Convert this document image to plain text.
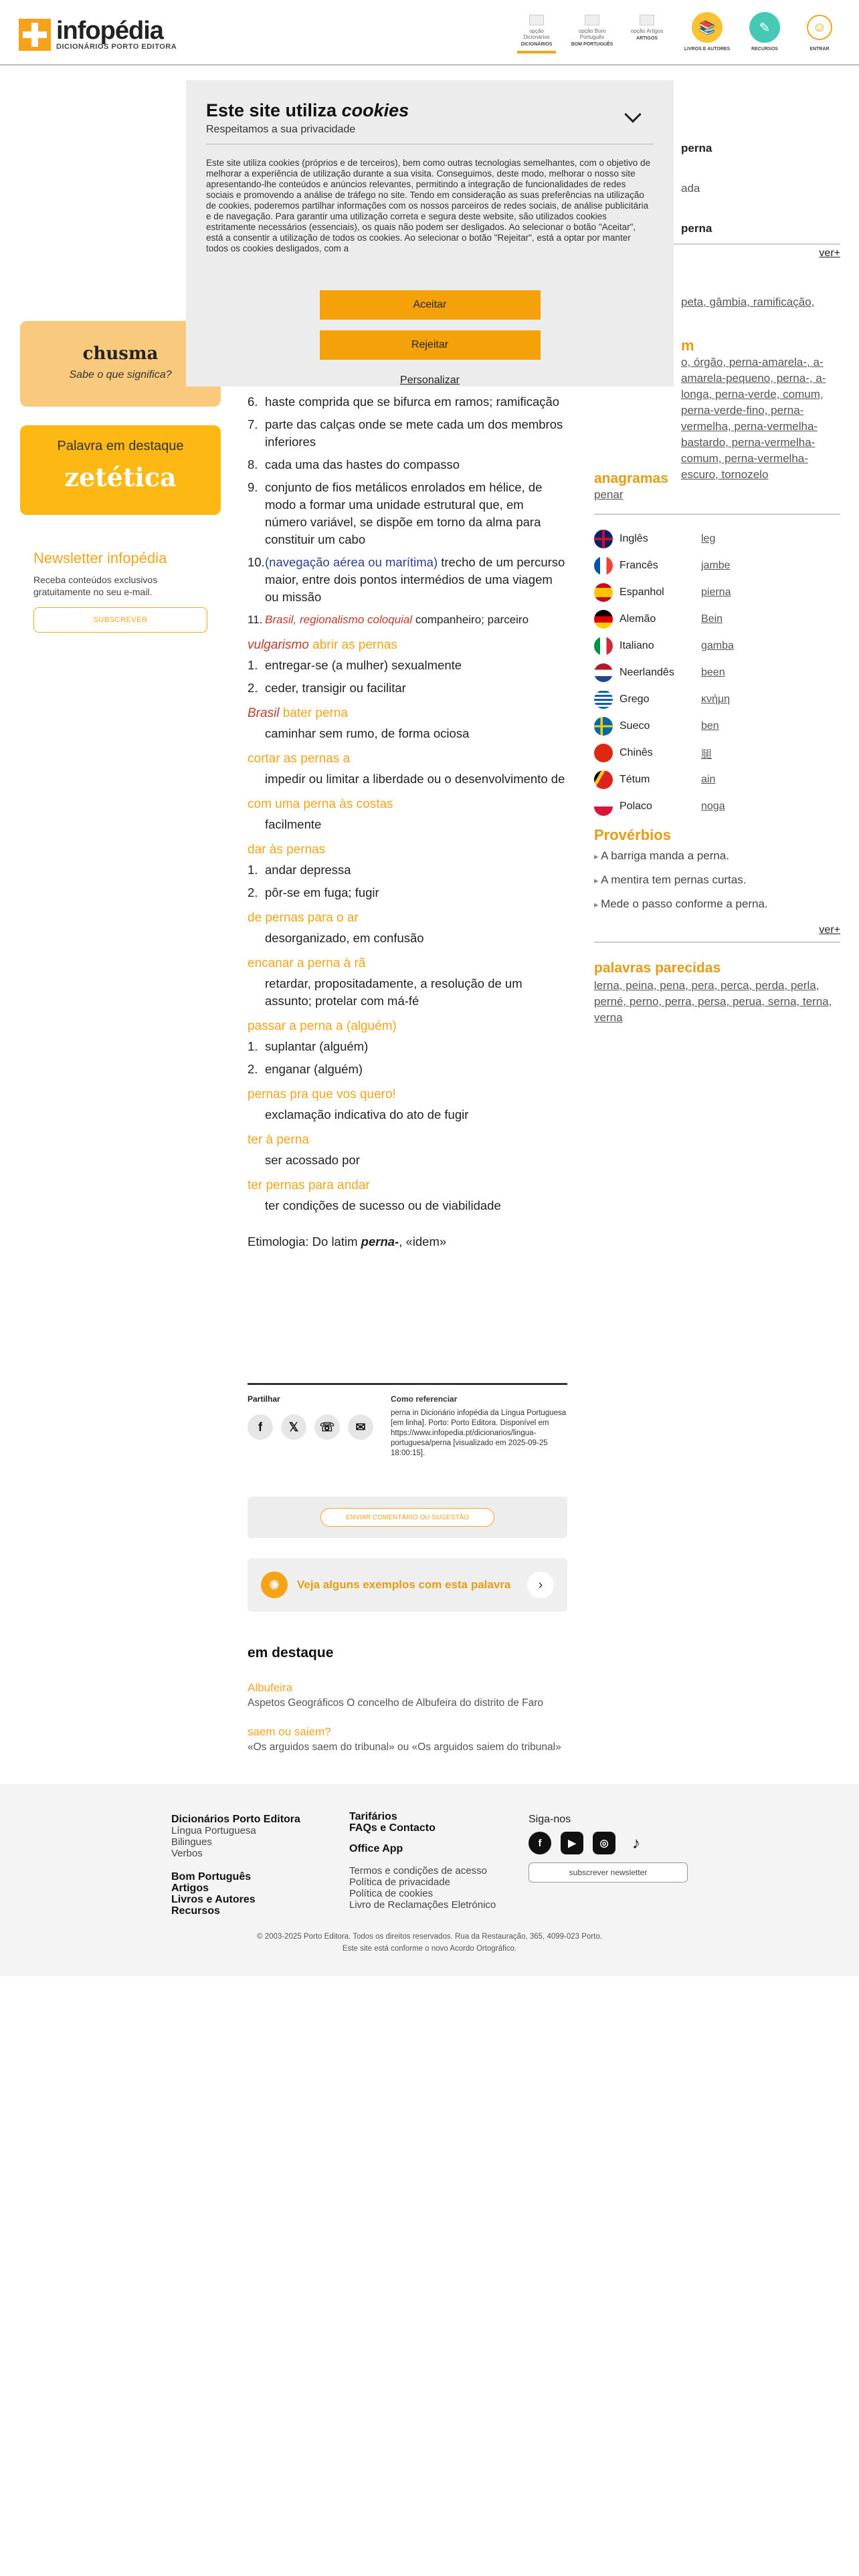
infopédia
DICIONÁRIOS PORTO EDITORA
opção Dicionários
DICIONÁRIOS
opção Bom Português
BOM PORTUGUÊS
opção Artigos
ARTIGOS
📚
LIVROS E AUTORES
✎
RECURSOS
☺
ENTRAR
Este site utiliza cookies
Respeitamos a sua privacidade
Este site utiliza cookies (próprios e de terceiros), bem como outras tecnologias semelhantes, com o objetivo de melhorar a experiência de utilização durante a sua visita. Conseguimos, deste modo, melhorar o nosso site apresentando-lhe conteúdos e anúncios relevantes, permitindo a integração de funcionalidades de redes sociais e promovendo a análise de tráfego no site. Tendo em consideração as suas preferências na utilização de cookies, poderemos partilhar informações com os nossos parceiros de redes sociais, de análise publicitária e de navegação. Para garantir uma utilização correta e segura deste website, são utilizados cookies estritamente necessários (essenciais), os quais não podem ser desligados. Ao selecionar o botão "Aceitar", está a consentir a utilização de todos os cookies. Ao selecionar o botão "Rejeitar", está a optar por manter todos os cookies desligados, com a
Aceitar
Rejeitar
Personalizar
chusma
Sabe o que significa?
Palavra em destaque
zetética
Newsletter infopédia
Receba conteúdos exclusivos gratuitamente no seu e-mail.
SUBSCREVER
6. haste comprida que se bifurca em ramos; ramificação
7. parte das calças onde se mete cada um dos membros inferiores
8. cada uma das hastes do compasso
9. conjunto de fios metálicos enrolados em hélice, de modo a formar uma unidade estrutural que, em número variável, se dispõe em torno da alma para constituir um cabo
10. (navegação aérea ou marítima) trecho de um percurso maior, entre dois pontos intermédios de uma viagem ou missão
11. Brasil, regionalismo coloquial companheiro; parceiro
vulgarismo abrir as pernas
1. entregar-se (a mulher) sexualmente
2. ceder, transigir ou facilitar
Brasil bater perna
caminhar sem rumo, de forma ociosa
cortar as pernas a
impedir ou limitar a liberdade ou o desenvolvimento de
com uma perna às costas
facilmente
dar às pernas
1. andar depressa
2. pôr-se em fuga; fugir
de pernas para o ar
desorganizado, em confusão
encanar a perna à rã
retardar, propositadamente, a resolução de um assunto; protelar com má-fé
passar a perna a (alguém)
1. suplantar (alguém)
2. enganar (alguém)
pernas pra que vos quero!
exclamação indicativa do ato de fugir
ter à perna
ser acossado por
ter pernas para andar
ter condições de sucesso ou de viabilidade
Etimologia: Do latim perna-, «idem»
Partilhar
f	𝕏	☏	✉
Como referenciar
perna in Dicionário infopédia da Língua Portuguesa [em linha]. Porto: Porto Editora. Disponível em https://www.infopedia.pt/dicionarios/lingua-portuguesa/perna [visualizado em 2025-09-25 18:00:15].
ENVIAR COMENTÁRIO OU SUGESTÃO
✺	Veja alguns exemplos com esta palavra	›
em destaque
Albufeira
Aspetos Geográficos O concelho de Albufeira do distrito de Faro
saem ou saiem?
«Os arguidos saem do tribunal» ou «Os arguidos saiem do tribunal»
perna
ada
perna
ver+
peta, gâmbia, ramificação,
m
o, órgão, perna-amarela-, a-amarela-pequeno, perna-, a-longa, perna-verde, comum, perna-verde-fino, perna-vermelha, perna-vermelha-bastardo, perna-vermelha-comum, perna-vermelha-escuro, tornozelo
anagramas
penar
Inglês	leg
Francês	jambe
Espanhol	pierna
Alemão	Bein
Italiano	gamba
Neerlandês	been
Grego	κνήμη
Sueco	ben
Chinês	腿
Tétum	ain
Polaco	noga
Provérbios
▸ A barriga manda a perna.
▸ A mentira tem pernas curtas.
▸ Mede o passo conforme a perna.
ver+
palavras parecidas
lerna, peina, pena, pera, perca, perda, perla, perné, perno, perra, persa, perua, serna, terna, verna
Dicionários Porto Editora
Língua Portuguesa
Bilingues
Verbos
Bom Português
Artigos
Livros e Autores
Recursos
Tarifários
FAQs e Contacto
Office App
Termos e condições de acesso
Política de privacidade
Política de cookies
Livro de Reclamações Eletrónico
Siga-nos
f	▶	◎	♪
subscrever newsletter
© 2003-2025 Porto Editora. Todos os direitos reservados. Rua da Restauração, 365, 4099-023 Porto.
Este site está conforme o novo Acordo Ortográfico.
